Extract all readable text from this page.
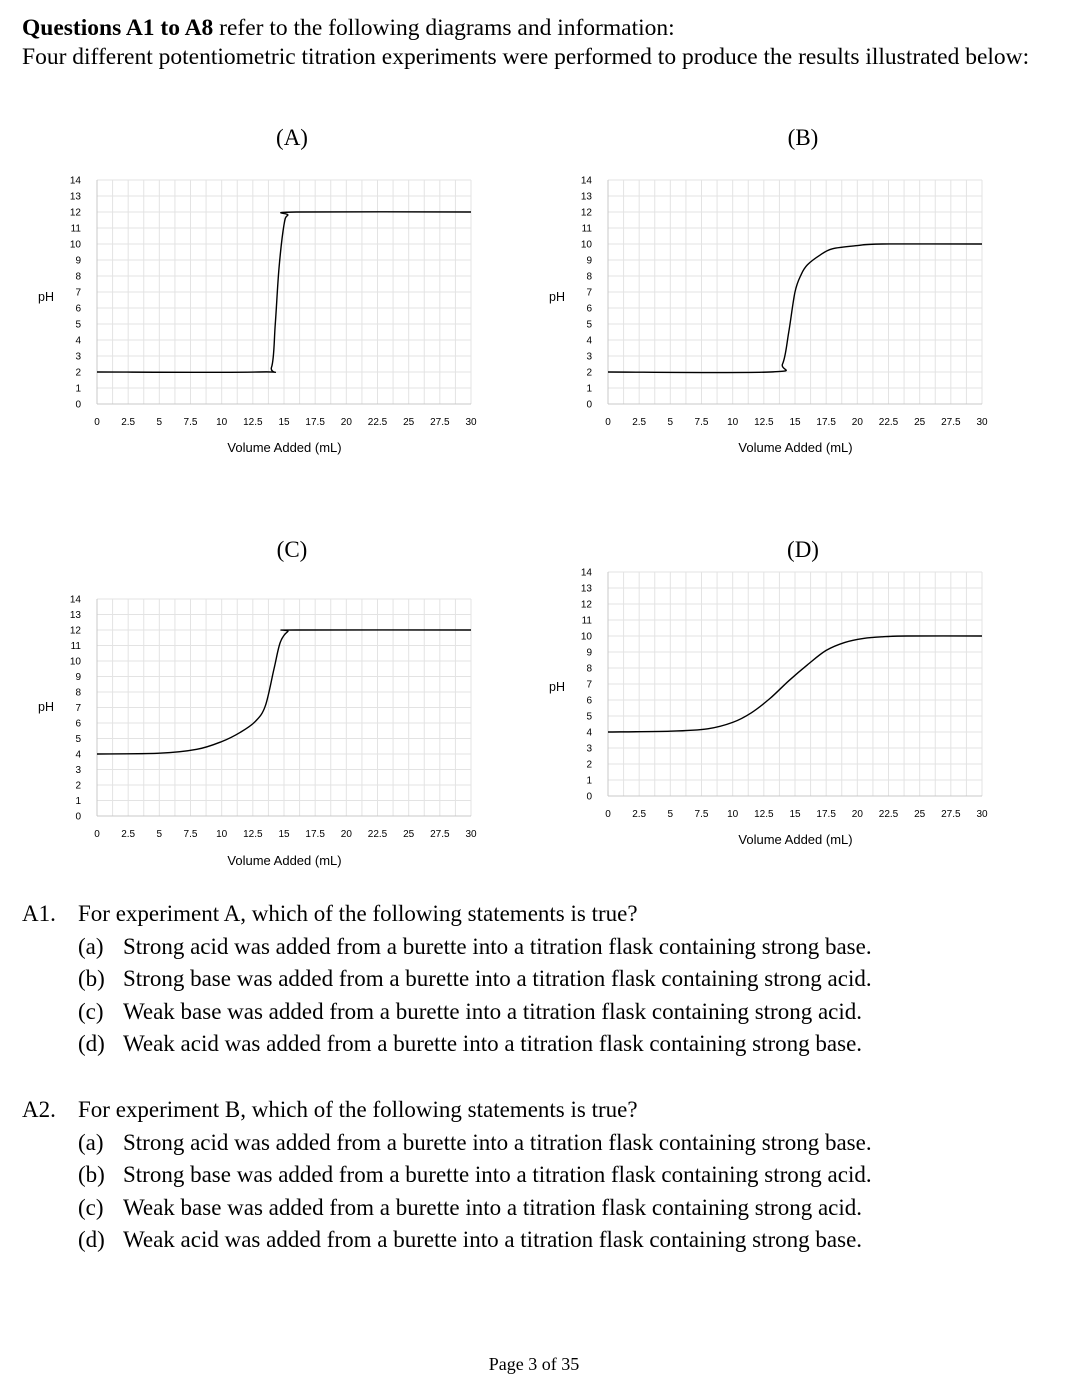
Questions A1 to A8 refer to the following diagrams and information:
Four different potentiometric titration experiments were performed to produce the results illustrated below:
(A)
pH
Volume Added (mL)
0
1
2
3
4
5
6
7
8
9
10
11
12
13
14
0 2.5 5 7.5 10 12.5 15 17.5 20 22.5 25 27.5 30
(B)
pH
Volume Added (mL)
0
1
2
3
4
5
6
7
8
9
10
11
12
13
14
0 2.5 5 7.5 10 12.5 15 17.5 20 22.5 25 27.5 30
(C)
pH
Volume Added (mL)
0
1
2
3
4
5
6
7
8
9
10
11
12
13
14
0 2.5 5 7.5 10 12.5 15 17.5 20 22.5 25 27.5 30
(D)
pH
Volume Added (mL)
0
1
2
3
4
5
6
7
8
9
10
11
12
13
14
0 2.5 5 7.5 10 12.5 15 17.5 20 22.5 25 27.5 30
A1. For experiment A, which of the following statements is true?
(a) Strong acid was added from a burette into a titration flask containing strong base.
(b) Strong base was added from a burette into a titration flask containing strong acid.
(c) Weak base was added from a burette into a titration flask containing strong acid.
(d) Weak acid was added from a burette into a titration flask containing strong base.
A2. For experiment B, which of the following statements is true?
(a) Strong acid was added from a burette into a titration flask containing strong base.
(b) Strong base was added from a burette into a titration flask containing strong acid.
(c) Weak base was added from a burette into a titration flask containing strong acid.
(d) Weak acid was added from a burette into a titration flask containing strong base.
Page 3 of 35
